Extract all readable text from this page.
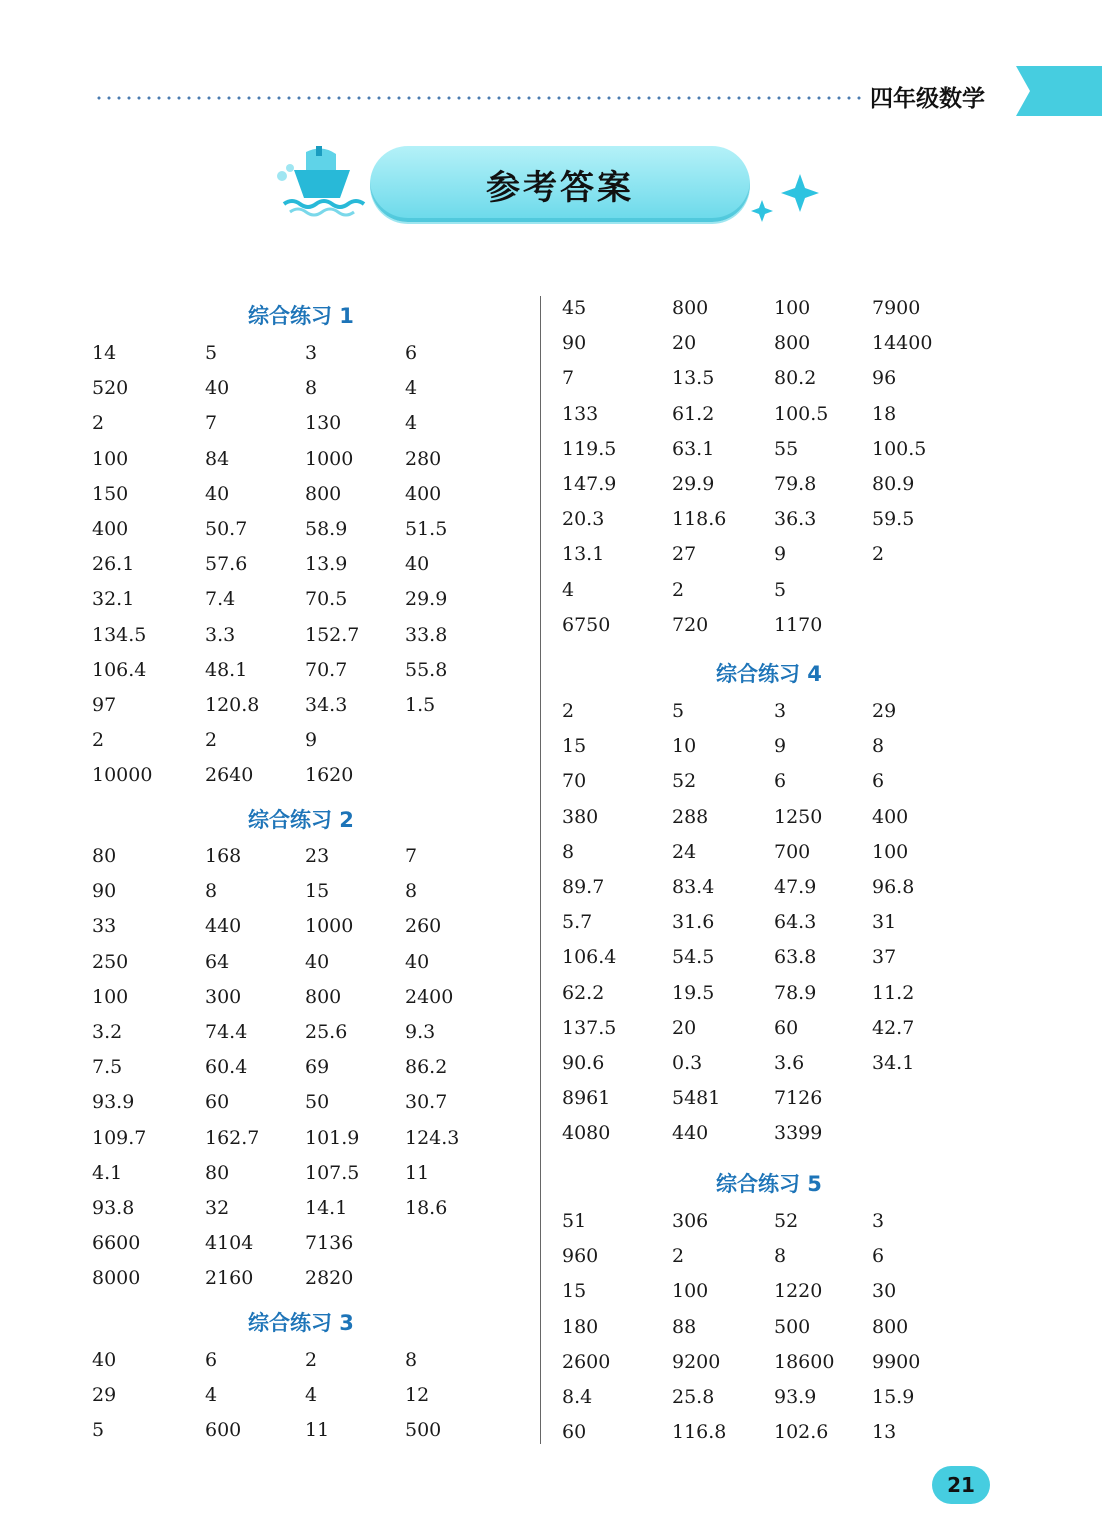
四年级数学
参考答案
综合练习 1
14	5	3	6
520	40	8	4
2	7	130	4
100	84	1000	280
150	40	800	400
400	50.7	58.9	51.5
26.1	57.6	13.9	40
32.1	7.4	70.5	29.9
134.5	3.3	152.7 33.8
106.4	48.1	70.7	55.8
97	120.8 34.3	1.5
2	2	9
10000	2640	1620
综合练习 2
80	168	23	7
90	8	15	8
33	440	1000	260
250	64	40	40
100	300	800	2400
3.2	74.4	25.6	9.3
7.5	60.4	69	86.2
93.9	60	50	30.7
109.7	162.7 101.9 124.3
4.1	80	107.5 11
93.8	32	14.1	18.6
6600	4104	7136
8000	2160	2820
综合练习 3
40	6	2	8
29	4	4	12
5	600	11	500
45	800	100	7900
90	20	800	14400
7	13.5	80.2	96
133	61.2	100.5 18
119.5	63.1	55	100.5
147.9	29.9	79.8	80.9
20.3	118.6	36.3	59.5
13.1	27	9	2
4	2	5
6750	720	1170
综合练习 4
2	5	3	29
15	10	9	8
70	52	6	6
380	288	1250	400
8	24	700	100
89.7	83.4	47.9	96.8
5.7	31.6	64.3	31
106.4	54.5	63.8	37
62.2	19.5	78.9	11.2
137.5	20	60	42.7
90.6	0.3	3.6	34.1
8961	5481	7126
4080	440	3399
综合练习 5
51	306	52	3
960	2	8	6
15	100	1220	30
180	88	500	800
2600	9200	18600 9900
8.4	25.8	93.9	15.9
60	116.8	102.6 13
21
